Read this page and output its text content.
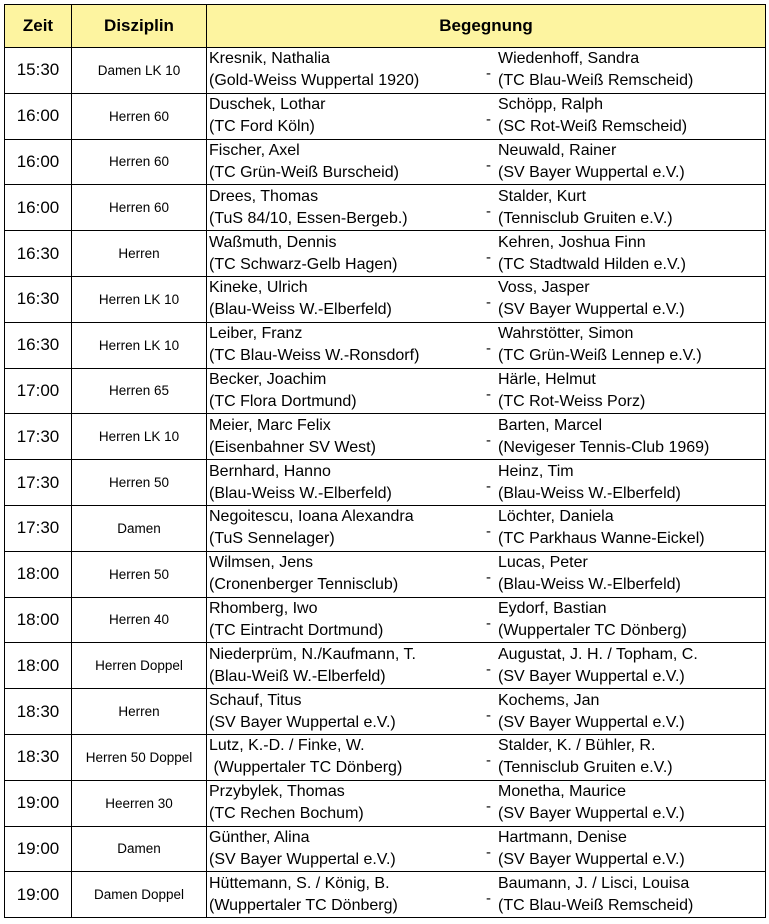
Zeit	Disziplin	Begegnung
15:30	Damen LK 10	Kresnik, Nathalia
(Gold-Weiss Wuppertal 1920) -
Wiedenhoff, Sandra
(TC Blau-Weiß Remscheid)

16:00	Herren 60	Duschek, Lothar
(TC Ford Köln) -
Schöpp, Ralph
(SC Rot-Weiß Remscheid)

16:00	Herren 60	Fischer, Axel
(TC Grün-Weiß Burscheid) -
Neuwald, Rainer
(SV Bayer Wuppertal e.V.)

16:00	Herren 60	Drees, Thomas
(TuS 84/10, Essen-Bergeb.) -
Stalder, Kurt
(Tennisclub Gruiten e.V.)

16:30	Herren	Waßmuth, Dennis
(TC Schwarz-Gelb Hagen) -
Kehren, Joshua Finn
(TC Stadtwald Hilden e.V.)

16:30	Herren LK 10	Kineke, Ulrich
(Blau-Weiss W.-Elberfeld) -
Voss, Jasper
(SV Bayer Wuppertal e.V.)

16:30	Herren LK 10	Leiber, Franz
(TC Blau-Weiss W.-Ronsdorf) -
Wahrstötter, Simon
(TC Grün-Weiß Lennep e.V.)

17:00	Herren 65	Becker, Joachim
(TC Flora Dortmund) -
Härle, Helmut
(TC Rot-Weiss Porz)

17:30	Herren LK 10	Meier, Marc Felix
(Eisenbahner SV West) -
Barten, Marcel
(Nevigeser Tennis-Club 1969)

17:30	Herren 50	Bernhard, Hanno
(Blau-Weiss W.-Elberfeld) -
Heinz, Tim
(Blau-Weiss W.-Elberfeld)

17:30	Damen	Negoitescu, Ioana Alexandra
(TuS Sennelager) -
Löchter, Daniela
(TC Parkhaus Wanne-Eickel)

18:00	Herren 50	Wilmsen, Jens
(Cronenberger Tennisclub) -
Lucas, Peter
(Blau-Weiss W.-Elberfeld)

18:00	Herren 40	Rhomberg, Iwo
(TC Eintracht Dortmund) -
Eydorf, Bastian
(Wuppertaler TC Dönberg)

18:00	Herren Doppel	Niederprüm, N./Kaufmann, T.
(Blau-Weiß W.-Elberfeld) -
Augustat, J. H. / Topham, C.
(SV Bayer Wuppertal e.V.)

18:30	Herren	Schauf, Titus
(SV Bayer Wuppertal e.V.) -
Kochems, Jan
(SV Bayer Wuppertal e.V.)

18:30	Herren 50 Doppel	Lutz, K.-D. / Finke, W.
(Wuppertaler TC Dönberg) -
Stalder, K. / Bühler, R.
(Tennisclub Gruiten e.V.)

19:00	Heerren 30	Przybylek, Thomas
(TC Rechen Bochum) -
Monetha, Maurice
(SV Bayer Wuppertal e.V.)

19:00	Damen	Günther, Alina
(SV Bayer Wuppertal e.V.) -
Hartmann, Denise
(SV Bayer Wuppertal e.V.)

19:00	Damen Doppel	Hüttemann, S. / König, B.
(Wuppertaler TC Dönberg) -
Baumann, J. / Lisci, Louisa
(TC Blau-Weiß Remscheid)
